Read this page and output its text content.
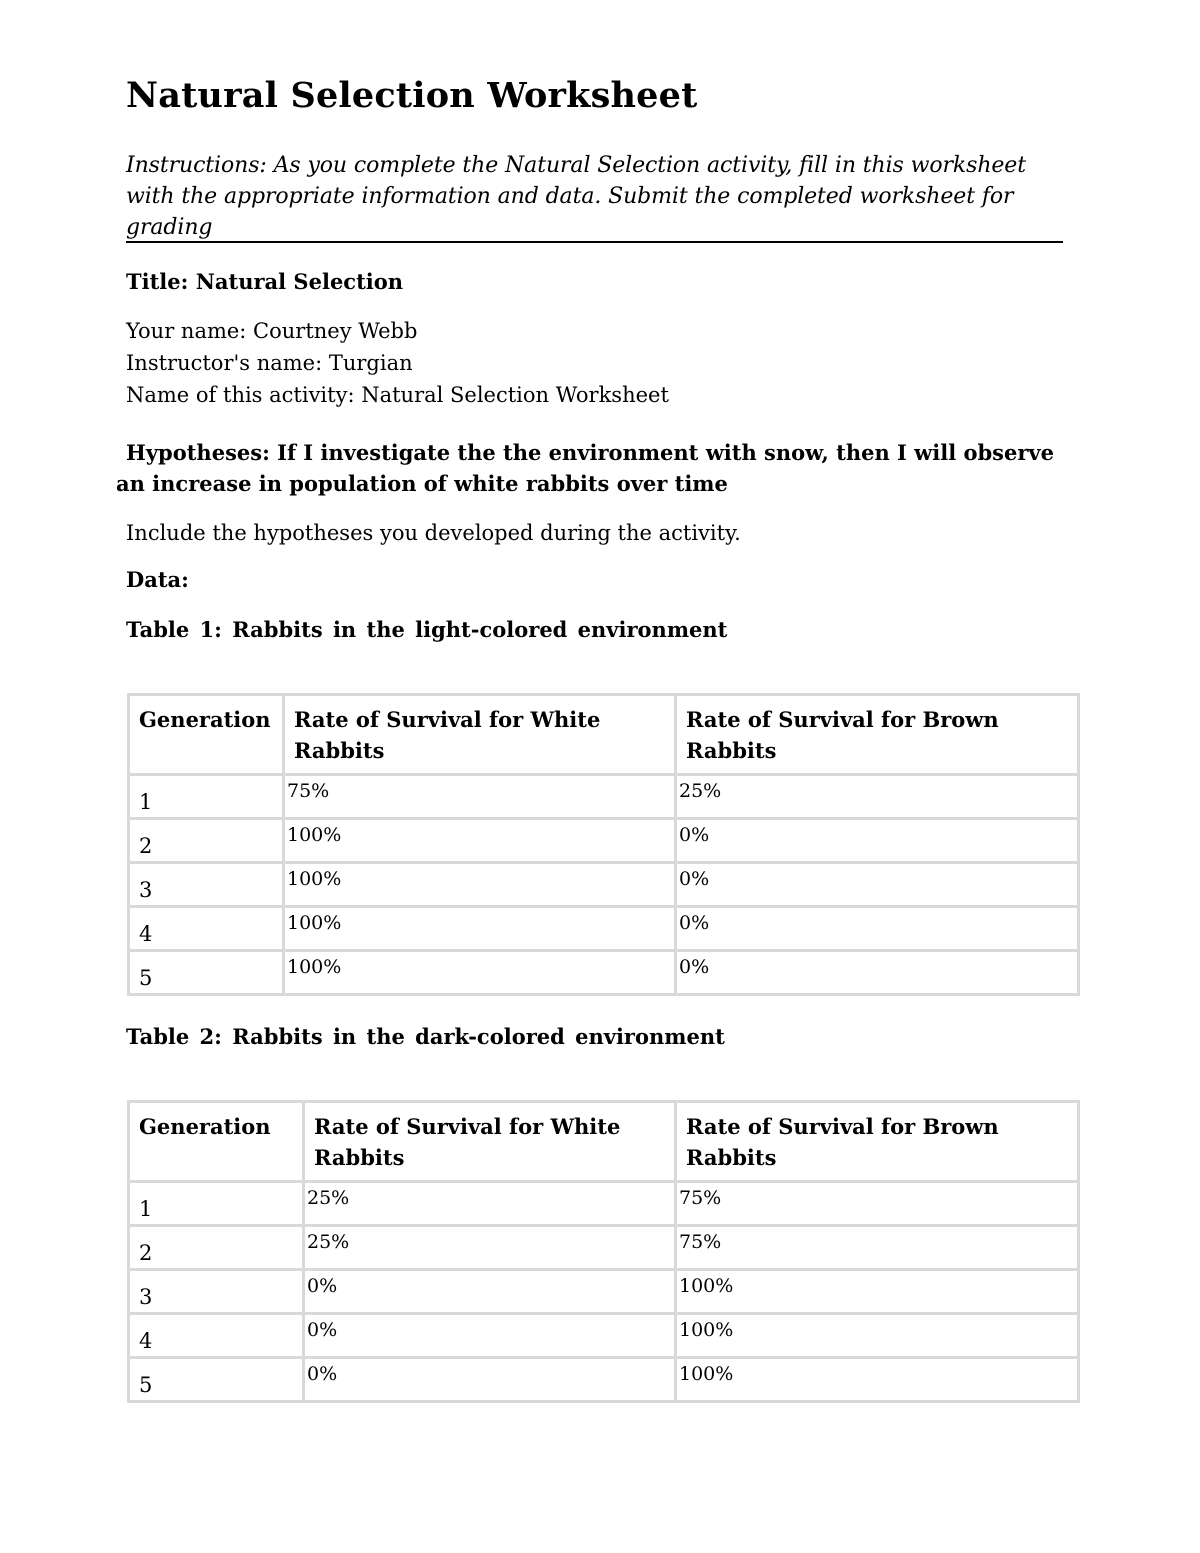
Natural Selection Worksheet

Instructions: As you complete the Natural Selection activity, fill in this worksheet with the appropriate information and data. Submit the completed worksheet for grading

Title: Natural Selection

Your name: Courtney Webb

Instructor's name: Turgian

Name of this activity: Natural Selection Worksheet

Hypotheses: If I investigate the the environment with snow, then I will observe an increase in population of white rabbits over time

Include the hypotheses you developed during the activity.

Data:

Table 1: Rabbits in the light-colored environment

Generation	Rate of Survival for White Rabbits	Rate of Survival for Brown Rabbits
1	75%	25%
2	100%	0%
3	100%	0%
4	100%	0%
5	100%	0%

Table 2: Rabbits in the dark-colored environment

Generation	Rate of Survival for White Rabbits	Rate of Survival for Brown Rabbits
1	25%	75%
2	25%	75%
3	0%	100%
4	0%	100%
5	0%	100%
